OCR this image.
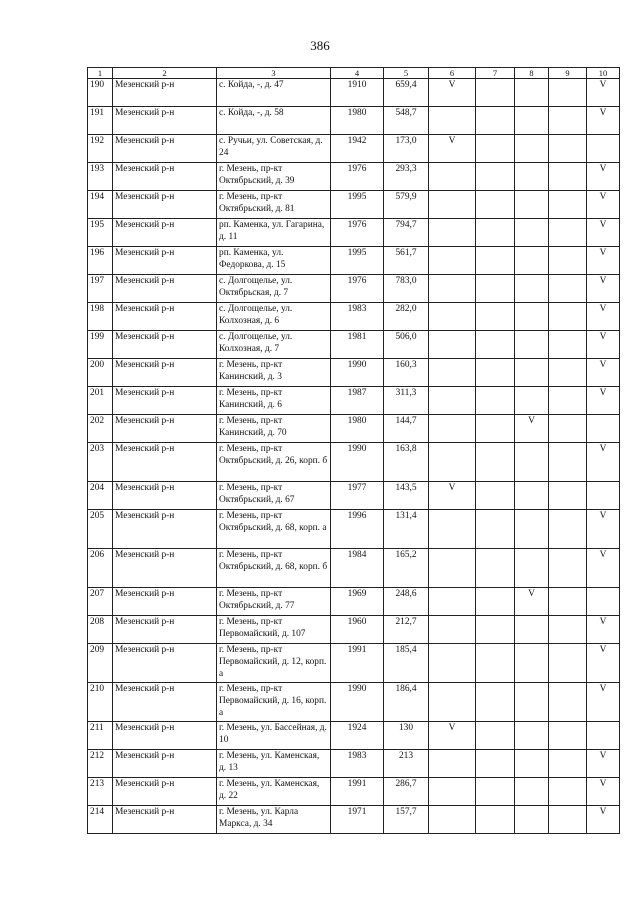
386
1	2	3	4	5	6	7	8	9	10
190	Мезенский р-н	с. Койда, -, д. 47	1910	659,4	V				V
191	Мезенский р-н	с. Койда, -, д. 58	1980	548,7					V
192	Мезенский р-н	с. Ручьи, ул. Советская, д. 24	1942	173,0	V				
193	Мезенский р-н	г. Мезень, пр-кт Октябрьский, д. 39	1976	293,3					V
194	Мезенский р-н	г. Мезень, пр-кт Октябрьский, д. 81	1995	579,9					V
195	Мезенский р-н	рп. Каменка, ул. Гагарина, д. 11	1976	794,7					V
196	Мезенский р-н	рп. Каменка, ул. Федоркова, д. 15	1995	561,7					V
197	Мезенский р-н	с. Долгощелье, ул. Октябрьская, д. 7	1976	783,0					V
198	Мезенский р-н	с. Долгощелье, ул. Колхозная, д. 6	1983	282,0					V
199	Мезенский р-н	с. Долгощелье, ул. Колхозная, д. 7	1981	506,0					V
200	Мезенский р-н	г. Мезень, пр-кт Канинский, д. 3	1990	160,3					V
201	Мезенский р-н	г. Мезень, пр-кт Канинский, д. 6	1987	311,3					V
202	Мезенский р-н	г. Мезень, пр-кт Канинский, д. 70	1980	144,7			V		
203	Мезенский р-н	г. Мезень, пр-кт Октябрьский, д. 26, корп. б	1990	163,8					V
204	Мезенский р-н	г. Мезень, пр-кт Октябрьский, д. 67	1977	143,5	V				
205	Мезенский р-н	г. Мезень, пр-кт Октябрьский, д. 68, корп. а	1996	131,4					V
206	Мезенский р-н	г. Мезень, пр-кт Октябрьский, д. 68, корп. б	1984	165,2					V
207	Мезенский р-н	г. Мезень, пр-кт Октябрьский, д. 77	1969	248,6			V		
208	Мезенский р-н	г. Мезень, пр-кт Первомайский, д. 107	1960	212,7					V
209	Мезенский р-н	г. Мезень, пр-кт Первомайский, д. 12, корп. а	1991	185,4					V
210	Мезенский р-н	г. Мезень, пр-кт Первомайский, д. 16, корп. а	1990	186,4					V
211	Мезенский р-н	г. Мезень, ул. Бассейная, д. 10	1924	130	V				
212	Мезенский р-н	г. Мезень, ул. Каменская, д. 13	1983	213					V
213	Мезенский р-н	г. Мезень, ул. Каменская, д. 22	1991	286,7					V
214	Мезенский р-н	г. Мезень, ул. Карла Маркса, д. 34	1971	157,7					V
